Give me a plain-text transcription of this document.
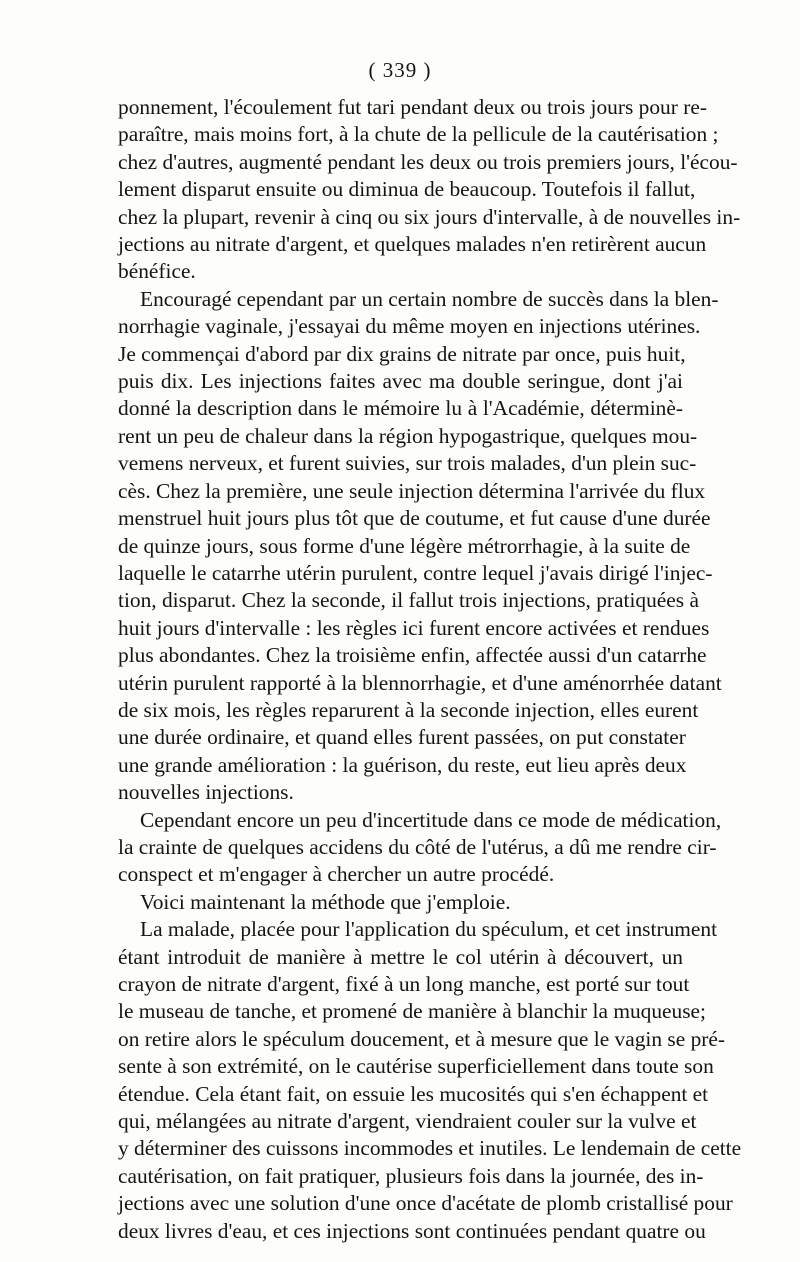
( 339 )
ponnement, l'écoulement fut tari pendant deux ou trois jours pour re-
paraître, mais moins fort, à la chute de la pellicule de la cautérisation ;
chez d'autres, augmenté pendant les deux ou trois premiers jours, l'écou-
lement disparut ensuite ou diminua de beaucoup. Toutefois il fallut,
chez la plupart, revenir à cinq ou six jours d'intervalle, à de nouvelles in-
jections au nitrate d'argent, et quelques malades n'en retirèrent aucun
bénéfice.
Encouragé cependant par un certain nombre de succès dans la blen-
norrhagie vaginale, j'essayai du même moyen en injections utérines.
Je commençai d'abord par dix grains de nitrate par once, puis huit,
puis dix. Les injections faites avec ma double seringue, dont j'ai
donné la description dans le mémoire lu à l'Académie, déterminè-
rent un peu de chaleur dans la région hypogastrique, quelques mou-
vemens nerveux, et furent suivies, sur trois malades, d'un plein suc-
cès. Chez la première, une seule injection détermina l'arrivée du flux
menstruel huit jours plus tôt que de coutume, et fut cause d'une durée
de quinze jours, sous forme d'une légère métrorrhagie, à la suite de
laquelle le catarrhe utérin purulent, contre lequel j'avais dirigé l'injec-
tion, disparut. Chez la seconde, il fallut trois injections, pratiquées à
huit jours d'intervalle : les règles ici furent encore activées et rendues
plus abondantes. Chez la troisième enfin, affectée aussi d'un catarrhe
utérin purulent rapporté à la blennorrhagie, et d'une aménorrhée datant
de six mois, les règles reparurent à la seconde injection, elles eurent
une durée ordinaire, et quand elles furent passées, on put constater
une grande amélioration : la guérison, du reste, eut lieu après deux
nouvelles injections.
Cependant encore un peu d'incertitude dans ce mode de médication,
la crainte de quelques accidens du côté de l'utérus, a dû me rendre cir-
conspect et m'engager à chercher un autre procédé.
Voici maintenant la méthode que j'emploie.
La malade, placée pour l'application du spéculum, et cet instrument
étant introduit de manière à mettre le col utérin à découvert, un
crayon de nitrate d'argent, fixé à un long manche, est porté sur tout
le museau de tanche, et promené de manière à blanchir la muqueuse;
on retire alors le spéculum doucement, et à mesure que le vagin se pré-
sente à son extrémité, on le cautérise superficiellement dans toute son
étendue. Cela étant fait, on essuie les mucosités qui s'en échappent et
qui, mélangées au nitrate d'argent, viendraient couler sur la vulve et
y déterminer des cuissons incommodes et inutiles. Le lendemain de cette
cautérisation, on fait pratiquer, plusieurs fois dans la journée, des in-
jections avec une solution d'une once d'acétate de plomb cristallisé pour
deux livres d'eau, et ces injections sont continuées pendant quatre ou
